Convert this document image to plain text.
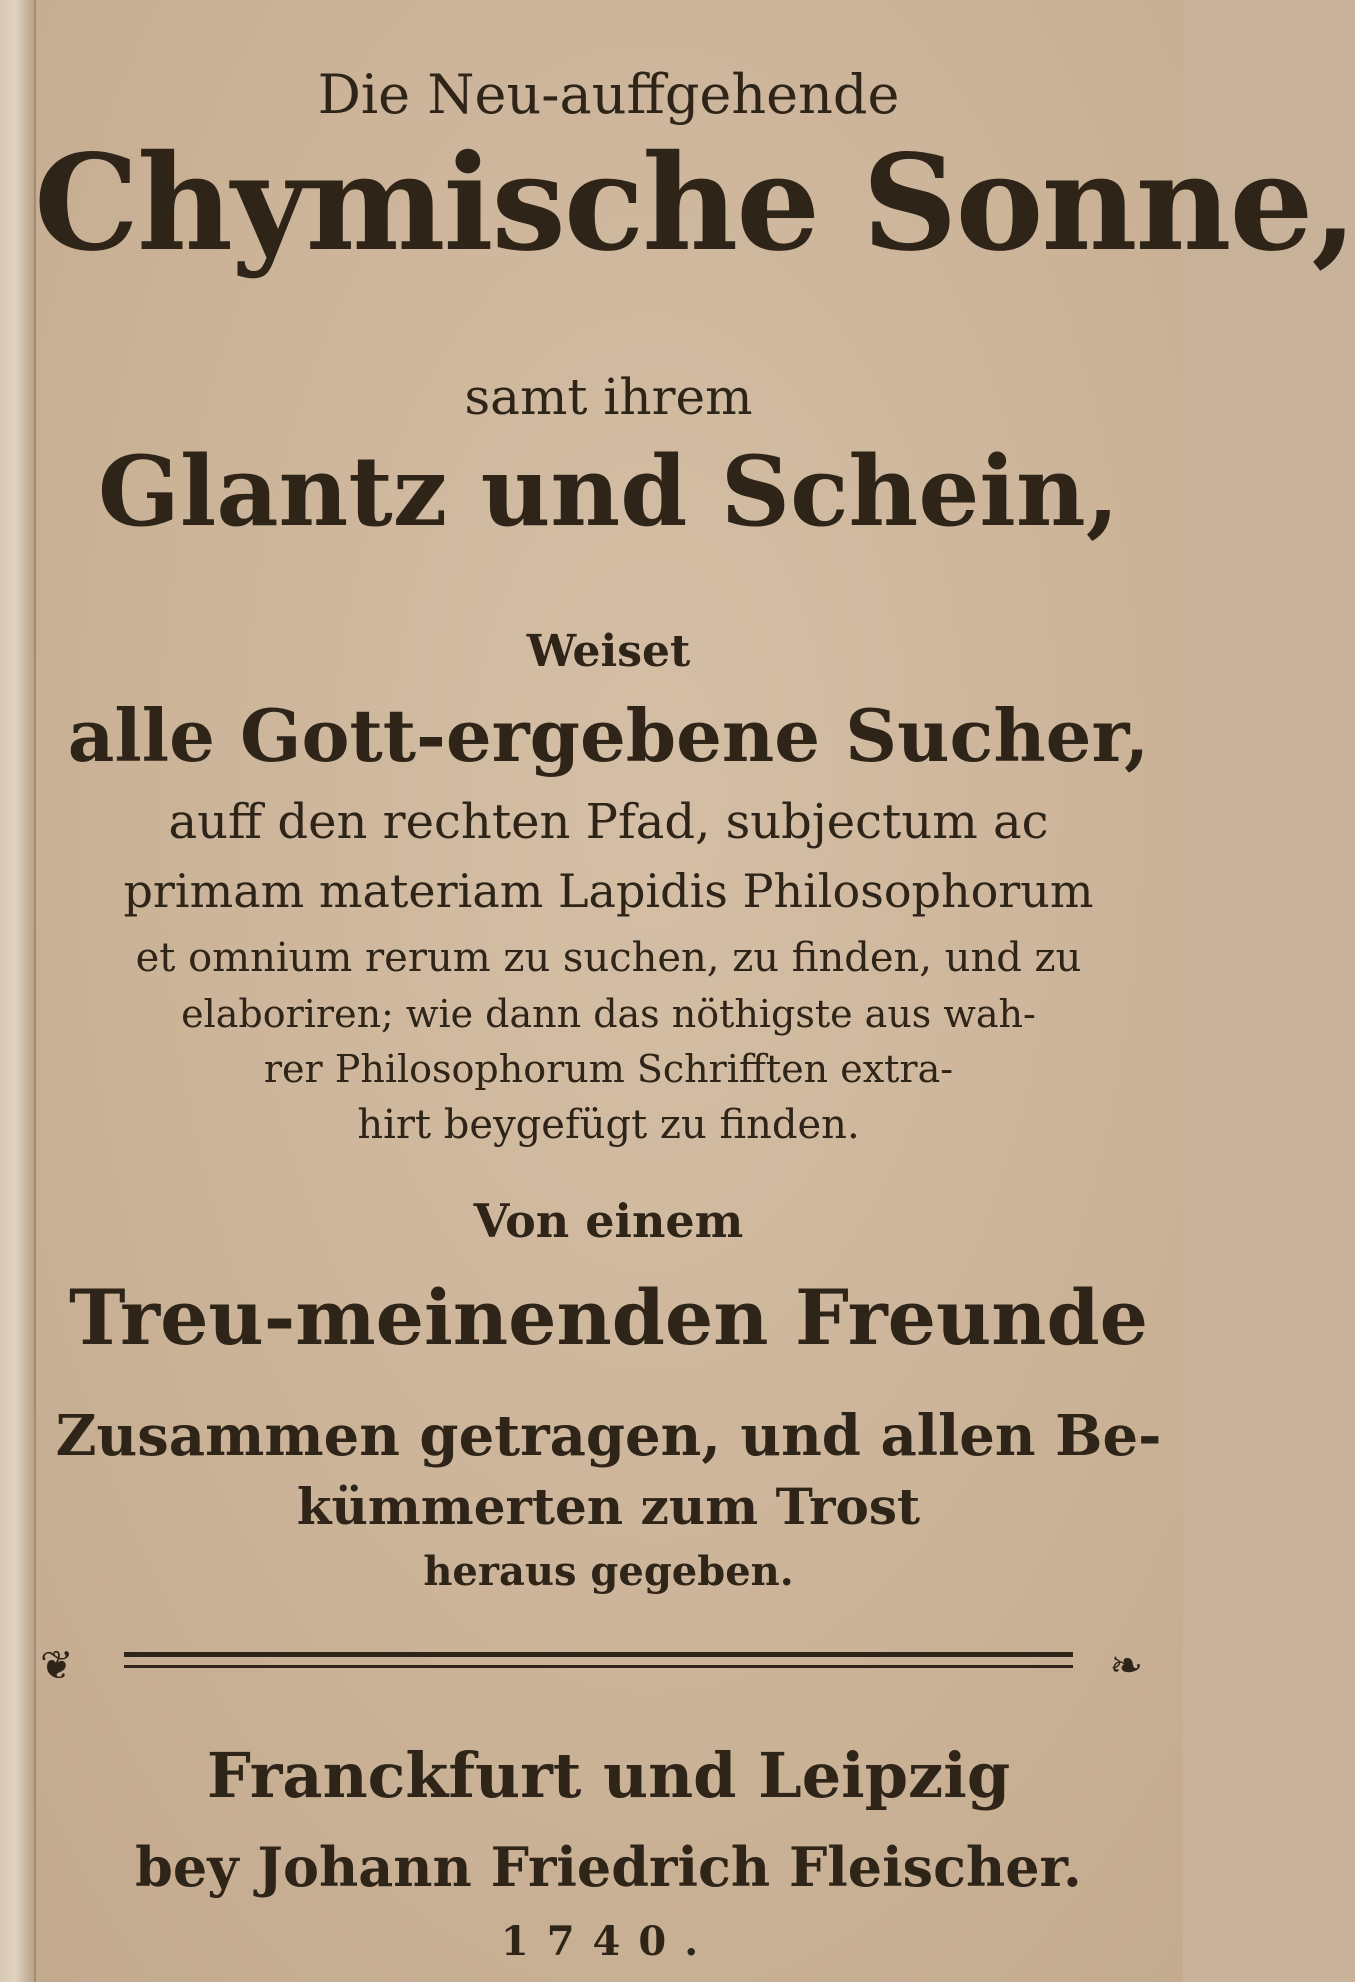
Die Neu-auffgehende
Chymische Sonne,
samt ihrem
Glantz und Schein,
Weiset
alle Gott-ergebene Sucher,
auff den rechten Pfad, subjectum ac
primam materiam Lapidis Philosophorum
et omnium rerum zu suchen, zu finden, und zu
elaboriren; wie dann das nöthigste aus wah-
rer Philosophorum Schrifften extra-
hirt beygefügt zu finden.
Von einem
Treu-meinenden Freunde
Zusammen getragen, und allen Be-
kümmerten zum Trost
heraus gegeben.
❦	❧
Franckfurt und Leipzig
bey Johann Friedrich Fleischer.
1740.
